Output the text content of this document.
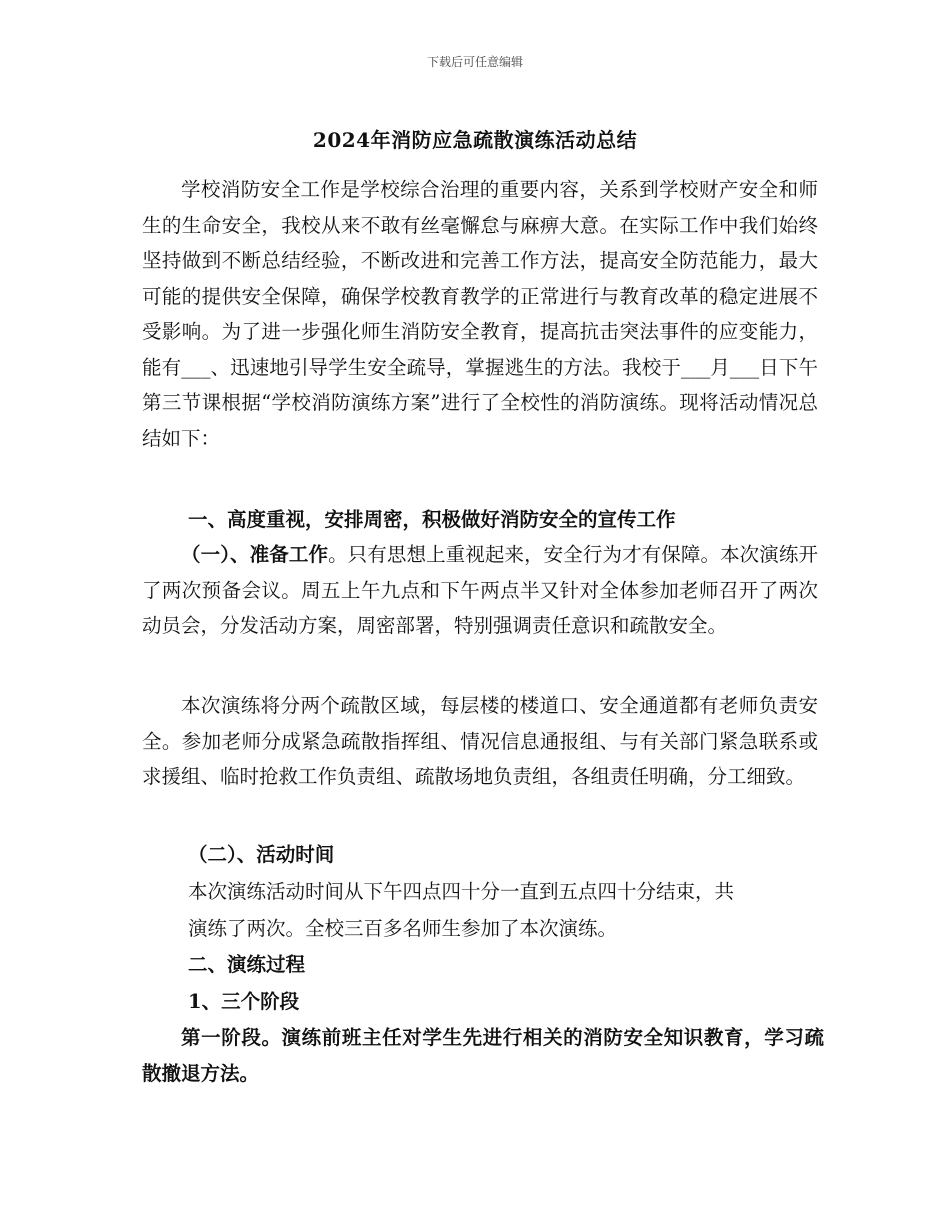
下载后可任意编辑
2024年消防应急疏散演练活动总结

学校消防安全工作是学校综合治理的重要内容，关系到学校财产安全和师生的生命安全，我校从来不敢有丝毫懈怠与麻痹大意。在实际工作中我们始终坚持做到不断总结经验，不断改进和完善工作方法，提高安全防范能力，最大可能的提供安全保障，确保学校教育教学的正常进行与教育改革的稳定进展不受影响。为了进一步强化师生消防安全教育，提高抗击突法事件的应变能力，能有___、迅速地引导学生安全疏导，掌握逃生的方法。我校于___月___日下午第三节课根据“学校消防演练方案”进行了全校性的消防演练。现将活动情况总结如下：

一、高度重视，安排周密，积极做好消防安全的宣传工作

（一）、准备工作。只有思想上重视起来，安全行为才有保障。本次演练开了两次预备会议。周五上午九点和下午两点半又针对全体参加老师召开了两次动员会，分发活动方案，周密部署，特别强调责任意识和疏散安全。

本次演练将分两个疏散区域，每层楼的楼道口、安全通道都有老师负责安全。参加老师分成紧急疏散指挥组、情况信息通报组、与有关部门紧急联系或求援组、临时抢救工作负责组、疏散场地负责组，各组责任明确，分工细致。

（二）、活动时间

本次演练活动时间从下午四点四十分一直到五点四十分结束，共

演练了两次。全校三百多名师生参加了本次演练。

二、演练过程

1、三个阶段

第一阶段。演练前班主任对学生先进行相关的消防安全知识教育，学习疏散撤退方法。
